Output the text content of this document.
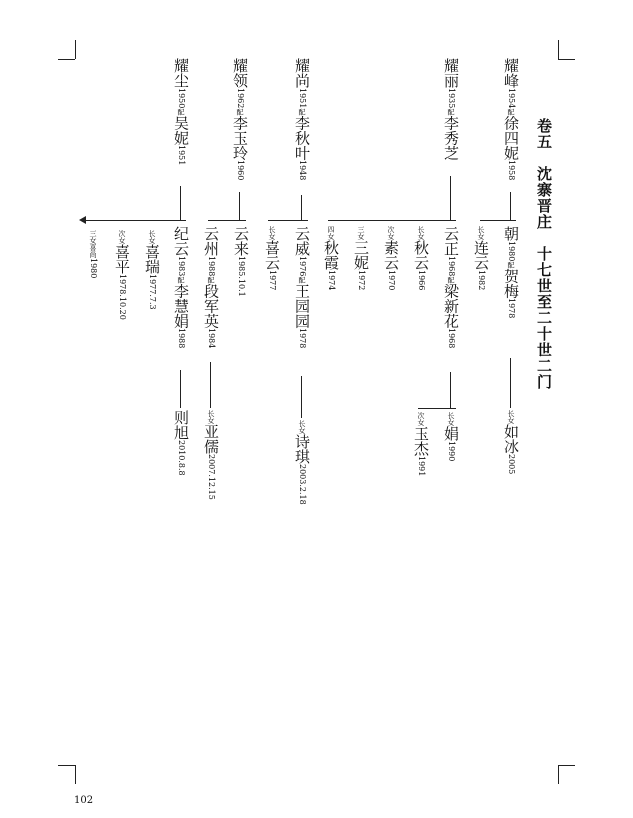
卷五　沈寨晋庄　十七世至二十世二门
耀峰1954配徐四妮1958
耀丽1935配李秀芝
耀尚1951配李秋叶1948
耀领1962配李玉玲1960
耀尘1950配吴妮1951
朝1980配贺梅1978
长女连云1982
云正1968配梁新花1968
长女秋云1966
次女素云1970
三女三妮1972
四女秋霞1974
云威1976配王园园1978
长女喜云1977
云来1985.10.1
云州1988配段军英1984
纪云1983配李慧娟1988
长女喜瑞1977.7.3
次女喜平1978.10.20
三女喜尚1980
长女如冰2005
长女娟1990
次女玉杰1991
长女诗琪2003.2.18
长女亚儒2007.12.15
则旭2010.8.8
102
